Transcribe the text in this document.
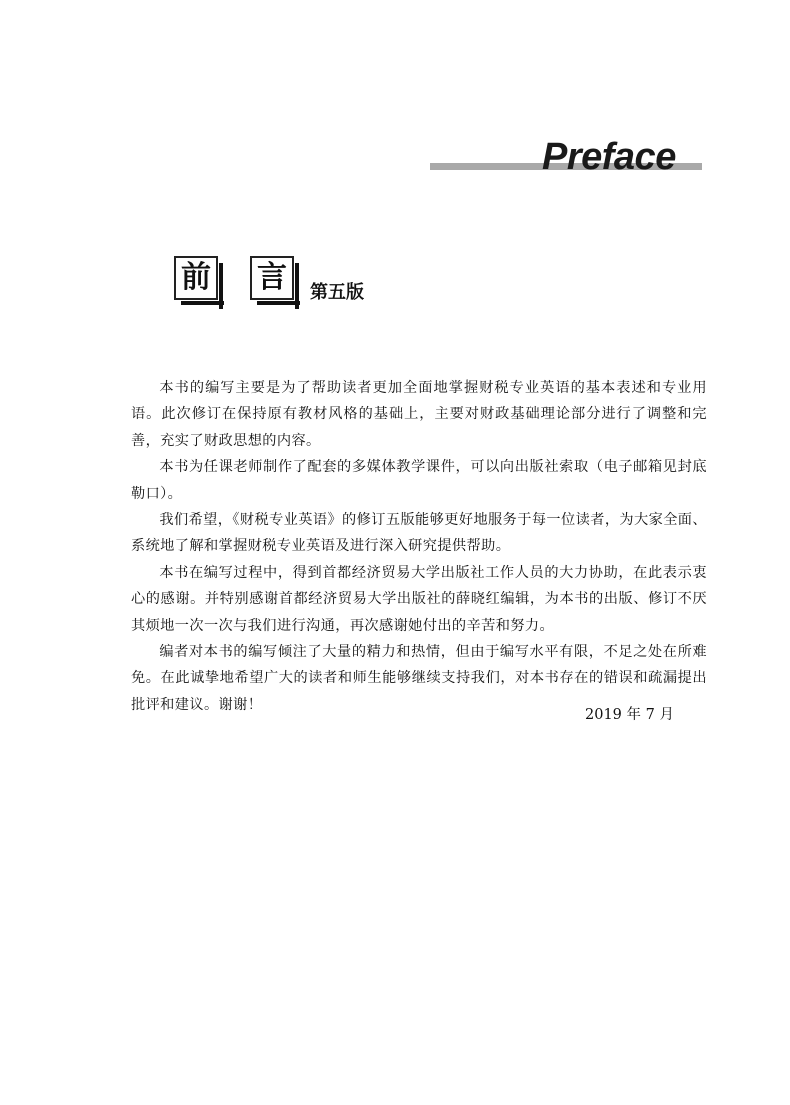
Preface
前 言	第五版

本书的编写主要是为了帮助读者更加全面地掌握财税专业英语的基本表述和专业用语。此次修订在保持原有教材风格的基础上，主要对财政基础理论部分进行了调整和完善，充实了财政思想的内容。

本书为任课老师制作了配套的多媒体教学课件，可以向出版社索取（电子邮箱见封底勒口）。

我们希望，《财税专业英语》的修订五版能够更好地服务于每一位读者，为大家全面、系统地了解和掌握财税专业英语及进行深入研究提供帮助。

本书在编写过程中，得到首都经济贸易大学出版社工作人员的大力协助，在此表示衷心的感谢。并特别感谢首都经济贸易大学出版社的薛晓红编辑，为本书的出版、修订不厌其烦地一次一次与我们进行沟通，再次感谢她付出的辛苦和努力。

编者对本书的编写倾注了大量的精力和热情，但由于编写水平有限，不足之处在所难免。在此诚挚地希望广大的读者和师生能够继续支持我们，对本书存在的错误和疏漏提出批评和建议。谢谢！

2019 年 7 月
